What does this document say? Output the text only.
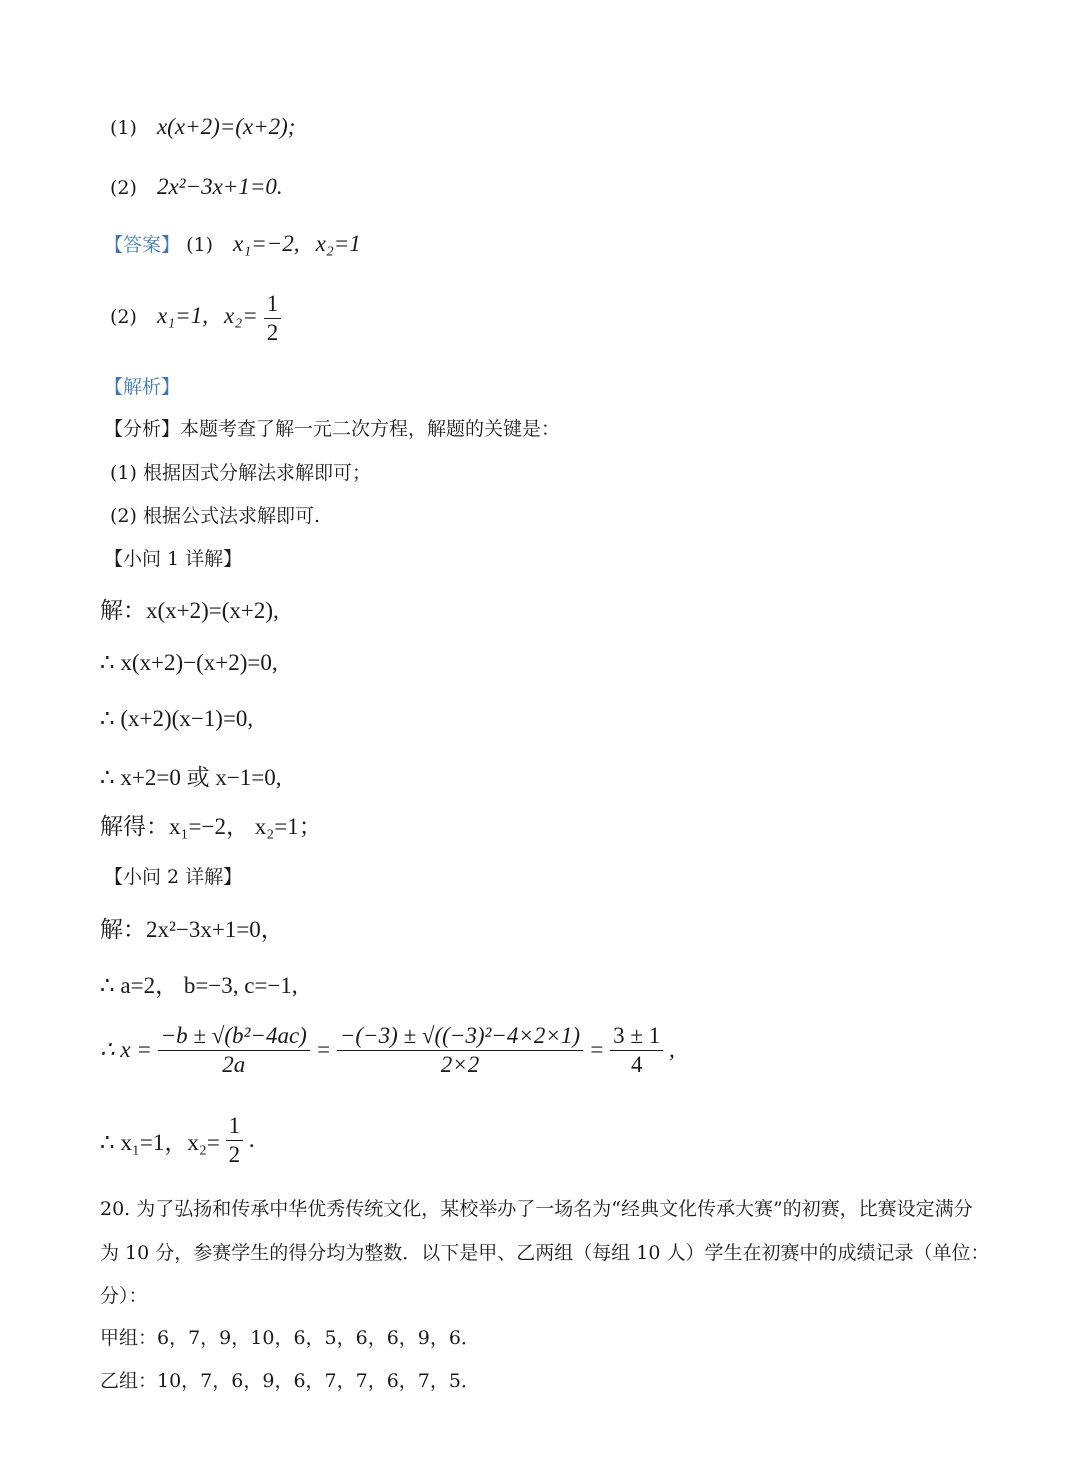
(1) x(x+2)=(x+2);
(2) 2x²−3x+1=0.
【答案】 (1) x₁=−2, x₂=1
(2) x₁=1, $x_2= \frac{1}{2}$
【解析】
【分析】本题考查了解一元二次方程，解题的关键是：
(1) 根据因式分解法求解即可；
(2) 根据公式法求解即可.
【小问 1 详解】
解：x(x+2)=(x+2),
∴ x(x+2)−(x+2)=0,
∴ (x+2)(x−1)=0,
∴ x+2=0 或 x−1=0,
解得：x₁=−2， x₂=1；
【小问 2 详解】
解：2x²−3x+1=0，
∴ a=2， b=−3, c=−1,
∴ $x = \frac{\text{−b ± √(b²−4ac)}}{2a} = \frac{\text{−(−3) ± √((−3)²−4×2×1)}}{2\times 2} = \frac{3 \pm 1}{4}$ ,
∴ x₁=1，$x_2= \frac{1}{2}$ .
20. 为了弘扬和传承中华优秀传统文化，某校举办了一场名为“经典文化传承大赛”的初赛，比赛设定满分
为 10 分，参赛学生的得分均为整数．以下是甲、乙两组（每组 10 人）学生在初赛中的成绩记录（单位：
分）：
甲组：6，7，9，10，6，5，6，6，9，6．
乙组：10，7，6，9，6，7，7，6，7，5．
